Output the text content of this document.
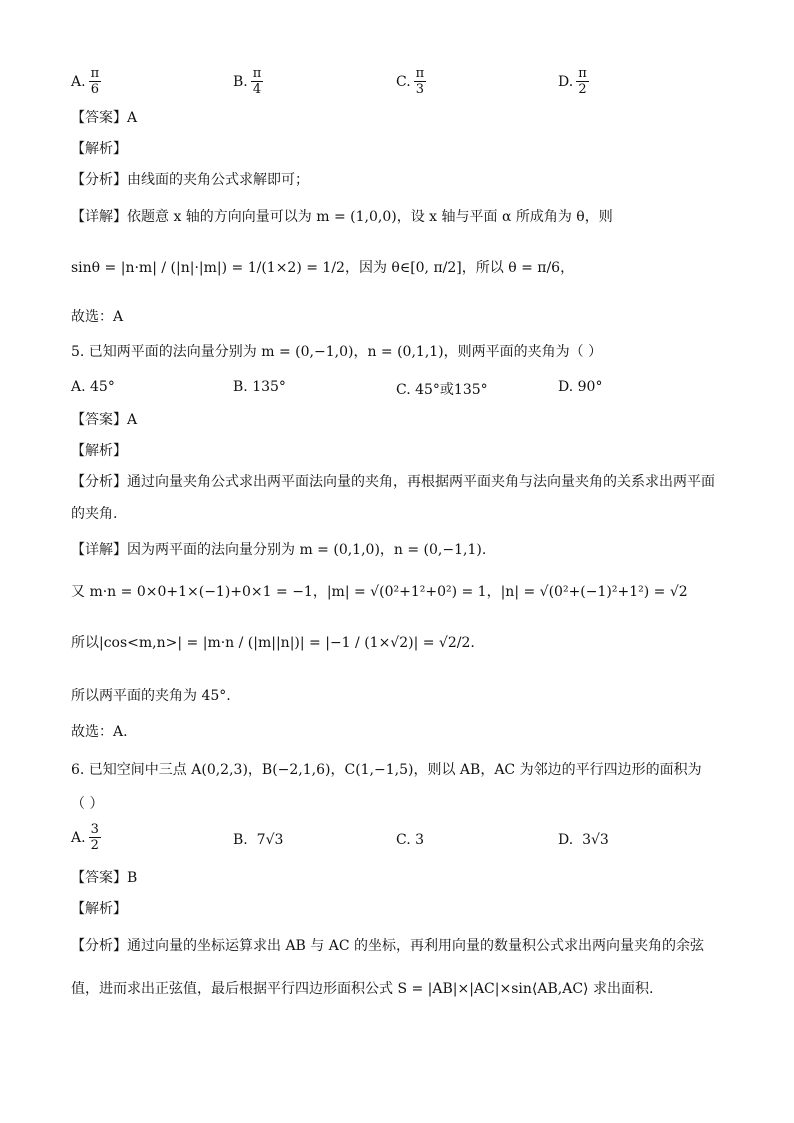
A. $\frac{\pi}{6}$	B. $\frac{\pi}{4}$	C. $\frac{\pi}{3}$	D. $\frac{\pi}{2}$
【答案】A
【解析】
【分析】由线面的夹角公式求解即可；
【详解】依题意 x 轴的方向向量可以为 m = (1,0,0)，设 x 轴与平面 α 所成角为 θ，则
sinθ = |n·m| / (|n|·|m|) = 1/(1×2) = 1/2，因为 θ∈[0, π/2]，所以 θ = π/6，
故选：A
5. 已知两平面的法向量分别为 m = (0,−1,0)，n = (0,1,1)，则两平面的夹角为（ ）
A. 45°	B. 135°	C. 45°或135°	D. 90°
【答案】A
【解析】
【分析】通过向量夹角公式求出两平面法向量的夹角，再根据两平面夹角与法向量夹角的关系求出两平面
的夹角.
【详解】因为两平面的法向量分别为 m = (0,1,0)，n = (0,−1,1).
又 m·n = 0×0+1×(−1)+0×1 = −1，|m| = √(0²+1²+0²) = 1，|n| = √(0²+(−1)²+1²) = √2
所以|cos<m,n>| = |m·n / (|m||n|)| = |−1 / (1×√2)| = √2/2.
所以两平面的夹角为 45°.
故选：A.
6. 已知空间中三点 A(0,2,3)，B(−2,1,6)，C(1,−1,5)，则以 AB，AC 为邻边的平行四边形的面积为
（ ）
A. $\frac{3}{2}$	B.
7√3	C.
3	D.
3√3
【答案】B
【解析】
【分析】通过向量的坐标运算求出 AB 与 AC 的坐标，再利用向量的数量积公式求出两向量夹角的余弦
值，进而求出正弦值，最后根据平行四边形面积公式 S = |AB|×|AC|×sin⟨AB,AC⟩ 求出面积.
